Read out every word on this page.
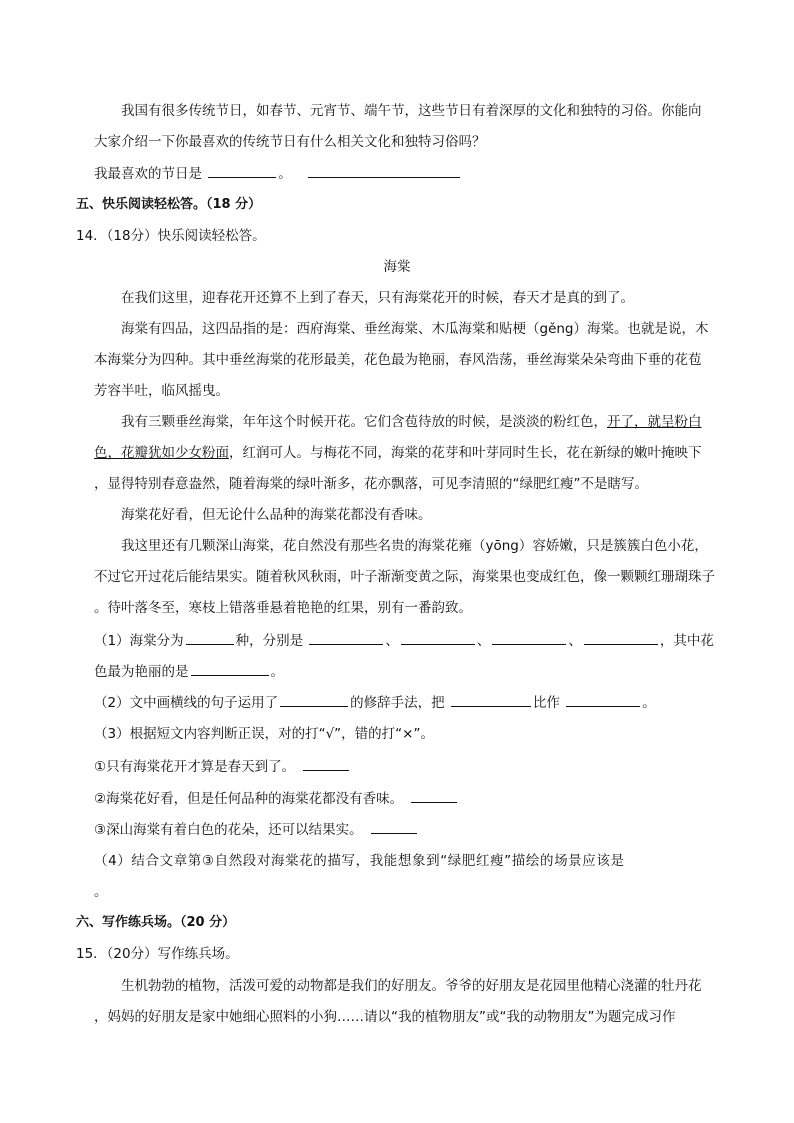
我国有很多传统节日，如春节、元宵节、端午节，这些节日有着深厚的文化和独特的习俗。你能向
大家介绍一下你最喜欢的传统节日有什么相关文化和独特习俗吗？
我最喜欢的节日是	。
五、快乐阅读轻松答。（18 分）
14．（18分）快乐阅读轻松答。
海棠
在我们这里，迎春花开还算不上到了春天，只有海棠花开的时候，春天才是真的到了。
海棠有四品，这四品指的是：西府海棠、垂丝海棠、木瓜海棠和贴梗（gěng）海棠。也就是说，木
本海棠分为四种。其中垂丝海棠的花形最美，花色最为艳丽，春风浩荡，垂丝海棠朵朵弯曲下垂的花苞
芳容半吐，临风摇曳。
我有三颗垂丝海棠，年年这个时候开花。它们含苞待放的时候，是淡淡的粉红色，开了，就呈粉白
色，花瓣犹如少女粉面，红润可人。与梅花不同，海棠的花芽和叶芽同时生长，花在新绿的嫩叶掩映下
，显得特别春意盎然，随着海棠的绿叶渐多，花亦飘落，可见李清照的“绿肥红瘦”不是瞎写。
海棠花好看，但无论什么品种的海棠花都没有香味。
我这里还有几颗深山海棠，花自然没有那些名贵的海棠花雍（yōng）容娇嫩，只是簇簇白色小花，
不过它开过花后能结果实。随着秋风秋雨，叶子渐渐变黄之际，海棠果也变成红色，像一颗颗红珊瑚珠子
。待叶落冬至，寒枝上错落垂悬着艳艳的红果，别有一番韵致。
（1）海棠分为	种，分别是	、	、	、	，其中花
色最为艳丽的是	。
（2）文中画横线的句子运用了	的修辞手法，把	比作	。
（3）根据短文内容判断正误，对的打“√”，错的打“×”。
①只有海棠花开才算是春天到了。
②海棠花好看，但是任何品种的海棠花都没有香味。
③深山海棠有着白色的花朵，还可以结果实。
（4）结合文章第③自然段对海棠花的描写，我能想象到“绿肥红瘦”描绘的场景应该是
。
六、写作练兵场。（20 分）
15．（20分）写作练兵场。
生机勃勃的植物，活泼可爱的动物都是我们的好朋友。爷爷的好朋友是花园里他精心浇灌的牡丹花
，妈妈的好朋友是家中她细心照料的小狗……请以“我的植物朋友”或“我的动物朋友”为题完成习作
